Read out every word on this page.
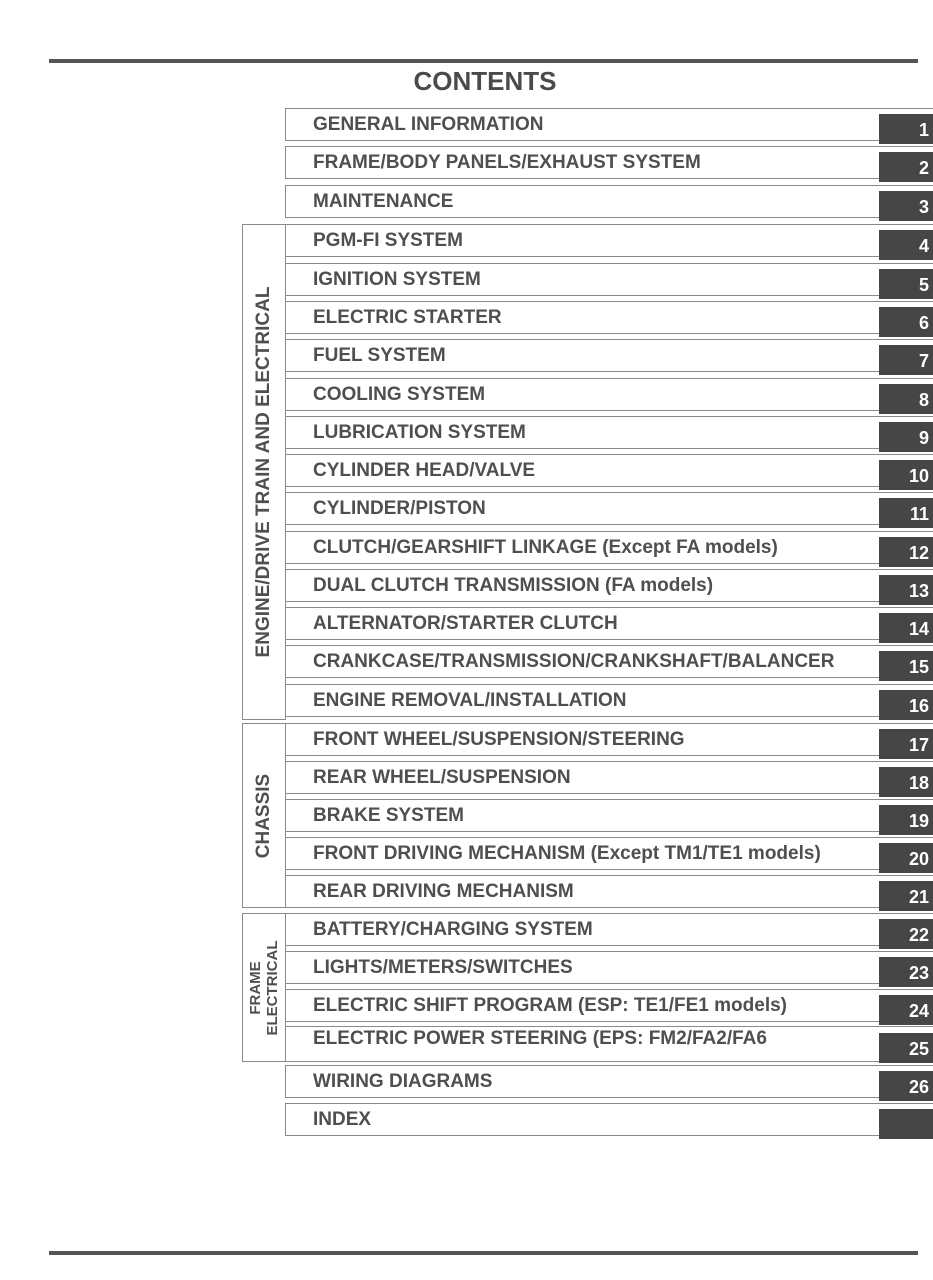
CONTENTS
ENGINE/DRIVE TRAIN AND ELECTRICAL
CHASSIS
FRAME ELECTRICAL
GENERAL INFORMATION	1
FRAME/BODY PANELS/EXHAUST SYSTEM	2
MAINTENANCE	3
PGM-FI SYSTEM	4
IGNITION SYSTEM	5
ELECTRIC STARTER	6
FUEL SYSTEM	7
COOLING SYSTEM	8
LUBRICATION SYSTEM	9
CYLINDER HEAD/VALVE	10
CYLINDER/PISTON	11
CLUTCH/GEARSHIFT LINKAGE (Except FA models)	12
DUAL CLUTCH TRANSMISSION (FA models)	13
ALTERNATOR/STARTER CLUTCH	14
CRANKCASE/TRANSMISSION/CRANKSHAFT/BALANCER	15
ENGINE REMOVAL/INSTALLATION	16
FRONT WHEEL/SUSPENSION/STEERING	17
REAR WHEEL/SUSPENSION	18
BRAKE SYSTEM	19
FRONT DRIVING MECHANISM (Except TM1/TE1 models)	20
REAR DRIVING MECHANISM	21
BATTERY/CHARGING SYSTEM	22
LIGHTS/METERS/SWITCHES	23
ELECTRIC SHIFT PROGRAM (ESP: TE1/FE1 models)	24
ELECTRIC POWER STEERING (EPS: FM2/FA2/FA6	25
WIRING DIAGRAMS	26
INDEX
